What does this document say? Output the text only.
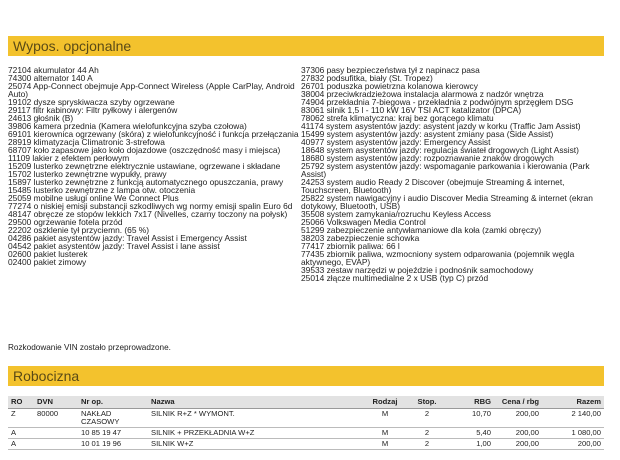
Wypos. opcjonalne
72104 akumulator 44 Ah
74300 alternator 140 A
25074 App-Connect obejmuje App-Connect Wireless (Apple CarPlay, Android Auto)
19102 dysze spryskiwacza szyby ogrzewane
29117 filtr kabinowy: Filtr pyłkowy i alergenów
24613 głośnik (B)
39806 kamera przednia (Kamera wielofunkcyjna szyba czołowa)
69101 kierownica ogrzewany (skóra) z wielofunkcyjność i funkcja przełączania
28919 klimatyzacja Climatronic 3-strefowa
68707 koło zapasowe jako koło dojazdowe (oszczędność masy i miejsca)
11109 lakier z efektem perłowym
15209 lusterko zewnętrzne elektrycznie ustawiane, ogrzewane i składane
15702 lusterko zewnętrzne wypukły, prawy
15897 lusterko zewnętrzne z funkcją automatycznego opuszczania, prawy
15485 lusterko zewnętrzne z lampa otw. otoczenia
25059 mobilne usługi online We Connect Plus
77274 o niskiej emisji substancji szkodliwych wg normy emisji spalin Euro 6d
48147 obręcze ze stopów lekkich 7x17 (Nivelles, czarny toczony na połysk)
29500 ogrzewanie fotela przód
22202 oszklenie tył przyciemn. (65 %)
04286 pakiet asystentów jazdy: Travel Assist i Emergency Assist
04542 pakiet asystentów jazdy: Travel Assist i lane assist
02600 pakiet lusterek
02400 pakiet zimowy
37306 pasy bezpieczeństwa tył z napinacz pasa
27832 podsufitka, biały (St. Tropez)
26701 poduszka powietrzna kolanowa kierowcy
38004 przeciwkradzieżowa instalacja alarmowa z nadzór wnętrza
74904 przekładnia 7-biegowa - przekładnia z podwójnym sprzęgłem DSG
83061 silnik 1,5 l - 110 kW 16V TSI ACT katalizator (DPCA)
78062 strefa klimatyczna: kraj bez gorącego klimatu
41174 system asystentów jazdy: asystent jazdy w korku (Traffic Jam Assist)
15499 system asystentów jazdy: asystent zmiany pasa (Side Assist)
40977 system asystentów jazdy: Emergency Assist
18648 system asystentów jazdy: regulacja świateł drogowych (Light Assist)
18680 system asystentów jazdy: rozpoznawanie znaków drogowych
25792 system asystentów jazdy: wspomaganie parkowania i kierowania (Park Assist)
24253 system audio Ready 2 Discover (obejmuje Streaming & internet, Touchscreen, Bluetooth)
25822 system nawigacyjny i audio Discover Media Streaming & internet (ekran dotykowy, Bluetooth, USB)
35508 system zamykania/rozruchu Keyless Access
25066 Volkswagen Media Control
51299 zabezpieczenie antywłamaniowe dla koła (zamki obręczy)
38203 zabezpieczenie schowka
77417 zbiornik paliwa: 66 l
77435 zbiornik paliwa, wzmocniony system odparowania (pojemnik węgla aktywnego, EVAP)
39533 zestaw narzędzi w pojeździe i podnośnik samochodowy
25014 złącze multimedialne 2 x USB (typ C) przód
Rozkodowanie VIN zostało przeprowadzone.
Robocizna
RO	DVN	Nr op.	Nazwa	Rodzaj	Stop.	RBG	Cena / rbg	Razem
Z	80000	NAKŁAD CZASOWY	SILNIK R+Z * WYMONT.	M	2	10,70	200,00	2 140,00
A		10 85 19 47	SILNIK + PRZEKŁADNIA W+Z	M	2	5,40	200,00	1 080,00
A		10 01 19 96	SILNIK W+Z	M	2	1,00	200,00	200,00
